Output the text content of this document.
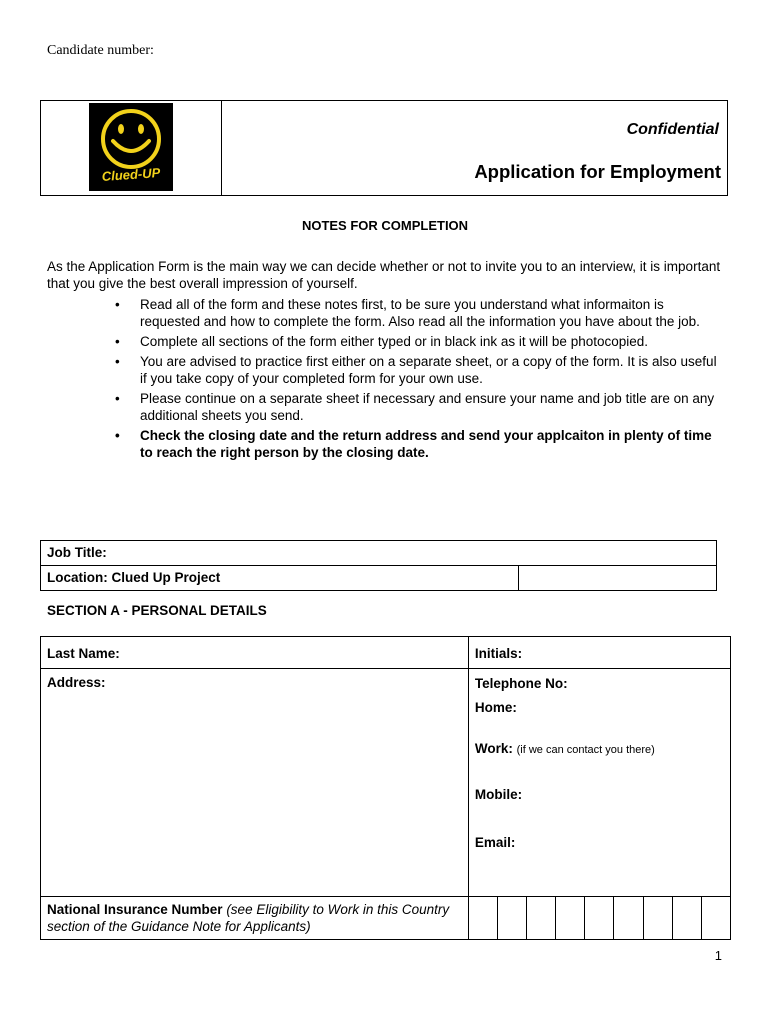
Candidate number:
Clued-UP
Confidential
Application for Employment
NOTES FOR COMPLETION
As the Application Form is the main way we can decide whether or not to invite you to an interview, it is important that you give the best overall impression of yourself.
• Read all of the form and these notes first, to be sure you understand what informaiton is requested and how to complete the form. Also read all the information you have about the job.
• Complete all sections of the form either typed or in black ink as it will be photocopied.
• You are advised to practice first either on a separate sheet, or a copy of the form. It is also useful if you take copy of your completed form for your own use.
• Please continue on a separate sheet if necessary and ensure your name and job title are on any additional sheets you send.
• Check the closing date and the return address and send your applcaiton in plenty of time to reach the right person by the closing date.
Job Title:
Location: Clued Up Project	
SECTION A - PERSONAL DETAILS
Last Name:	Initials:								
Address:	Telephone No:
Home:
Work: (if we can contact you there)
Mobile:
Email:								

National Insurance Number (see Eligibility to Work in this Country section of the Guidance Note for Applicants)									
1
